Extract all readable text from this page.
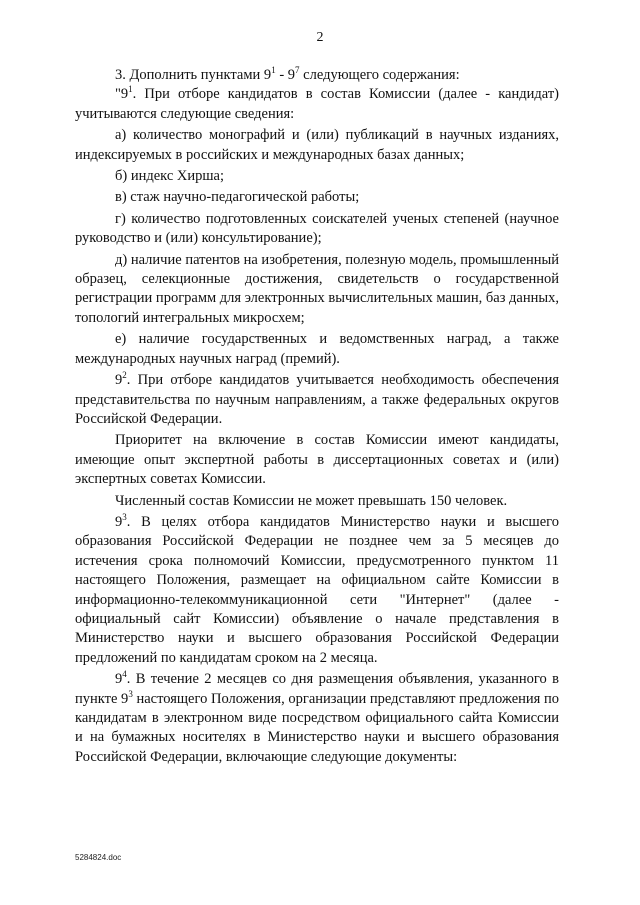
2

3. Дополнить пунктами $9^1 - 9^7$ следующего содержания:

"$9^1$. При отборе кандидатов в состав Комиссии (далее - кандидат) учитываются следующие сведения:

а) количество монографий и (или) публикаций в научных изданиях, индексируемых в российских и международных базах данных;

б) индекс Хирша;

в) стаж научно-педагогической работы;

г) количество подготовленных соискателей ученых степеней (научное руководство и (или) консультирование);

д) наличие патентов на изобретения, полезную модель, промышленный образец, селекционные достижения, свидетельств о государственной регистрации программ для электронных вычислительных машин, баз данных, топологий интегральных микросхем;

е) наличие государственных и ведомственных наград, а также международных научных наград (премий).

$9^2$. При отборе кандидатов учитывается необходимость обеспечения представительства по научным направлениям, а также федеральных округов Российской Федерации.

Приоритет на включение в состав Комиссии имеют кандидаты, имеющие опыт экспертной работы в диссертационных советах и (или) экспертных советах Комиссии.

Численный состав Комиссии не может превышать 150 человек.

$9^3$. В целях отбора кандидатов Министерство науки и высшего образования Российской Федерации не позднее чем за 5 месяцев до истечения срока полномочий Комиссии, предусмотренного пунктом 11 настоящего Положения, размещает на официальном сайте Комиссии в информационно-телекоммуникационной сети "Интернет" (далее - официальный сайт Комиссии) объявление о начале представления в Министерство науки и высшего образования Российской Федерации предложений по кандидатам сроком на 2 месяца.

$9^4$. В течение 2 месяцев со дня размещения объявления, указанного в пункте $9^3$ настоящего Положения, организации представляют предложения по кандидатам в электронном виде посредством официального сайта Комиссии и на бумажных носителях в Министерство науки и высшего образования Российской Федерации, включающие следующие документы:

5284824.doc
